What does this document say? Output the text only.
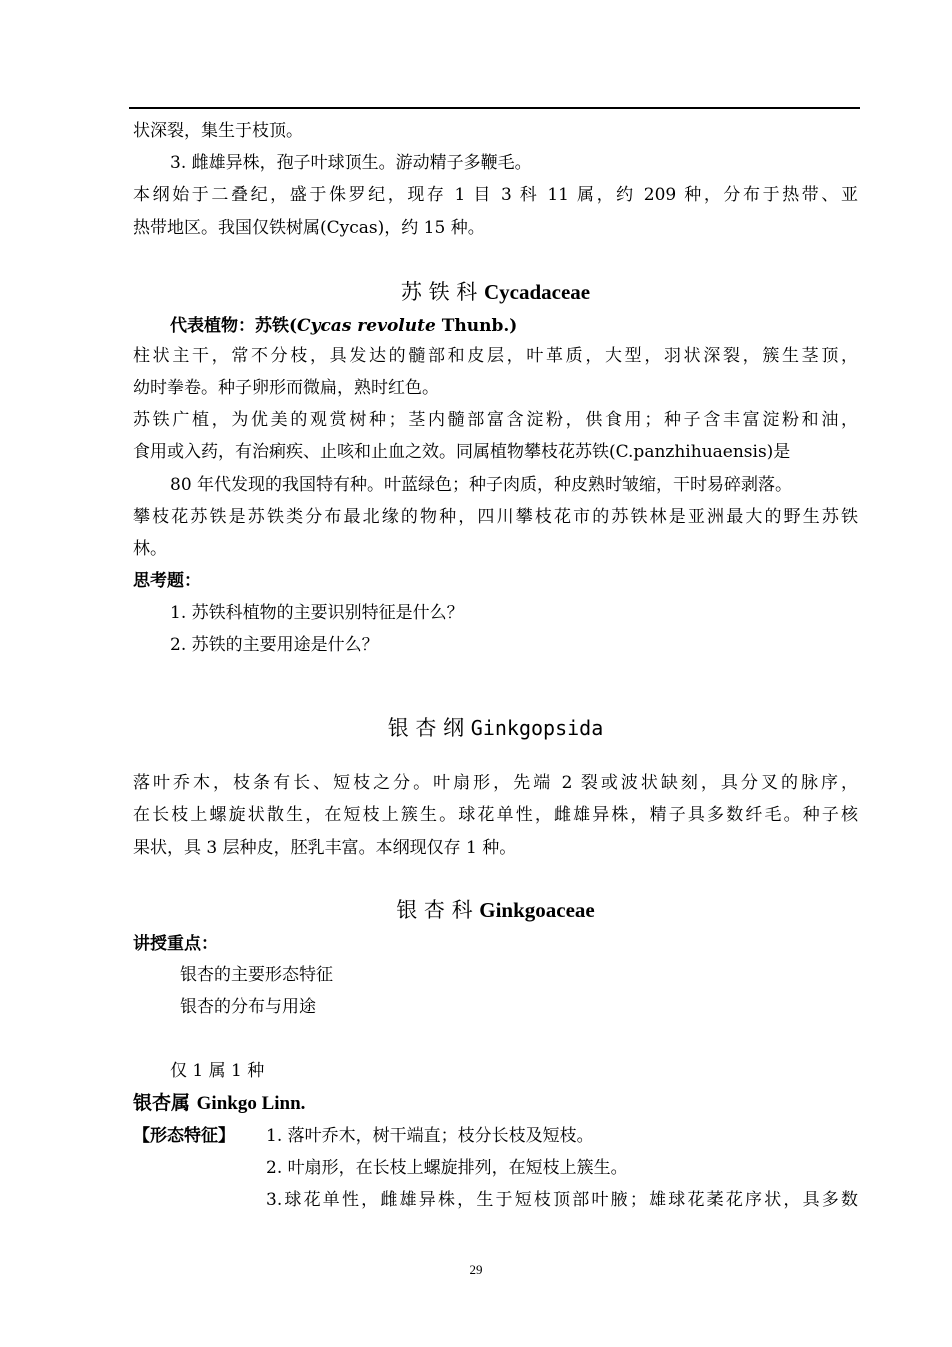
状深裂，集生于枝顶。
3. 雌雄异株，孢子叶球顶生。游动精子多鞭毛。
本纲始于二叠纪，盛于侏罗纪，现存 1 目 3 科 11 属，约 209 种，分布于热带、亚
热带地区。我国仅铁树属(Cycas)，约 15 种。
苏 铁 科 Cycadaceae
代表植物：苏铁(Cycas revolute Thunb.)
柱状主干，常不分枝，具发达的髓部和皮层，叶革质，大型，羽状深裂，簇生茎顶，
幼时拳卷。种子卵形而微扁，熟时红色。
苏铁广植，为优美的观赏树种；茎内髓部富含淀粉，供食用；种子含丰富淀粉和油，
食用或入药，有治痢疾、止咳和止血之效。同属植物攀枝花苏铁(C.panzhihuaensis)是
80 年代发现的我国特有种。叶蓝绿色；种子肉质，种皮熟时皱缩，干时易碎剥落。
攀枝花苏铁是苏铁类分布最北缘的物种，四川攀枝花市的苏铁林是亚洲最大的野生苏铁
林。
思考题：
1. 苏铁科植物的主要识别特征是什么？
2. 苏铁的主要用途是什么？
银 杏 纲 Ginkgopsida
落叶乔木，枝条有长、短枝之分。叶扇形，先端 2 裂或波状缺刻，具分叉的脉序，
在长枝上螺旋状散生，在短枝上簇生。球花单性，雌雄异株，精子具多数纤毛。种子核
果状，具 3 层种皮，胚乳丰富。本纲现仅存 1 种。
银 杏 科 Ginkgoaceae
讲授重点：
银杏的主要形态特征
银杏的分布与用途
仅 1 属 1 种
银杏属 Ginkgo Linn.
【形态特征】 1. 落叶乔木，树干端直；枝分长枝及短枝。
2. 叶扇形，在长枝上螺旋排列，在短枝上簇生。
3.球花单性，雌雄异株，生于短枝顶部叶腋；雄球花葇花序状，具多数
29
